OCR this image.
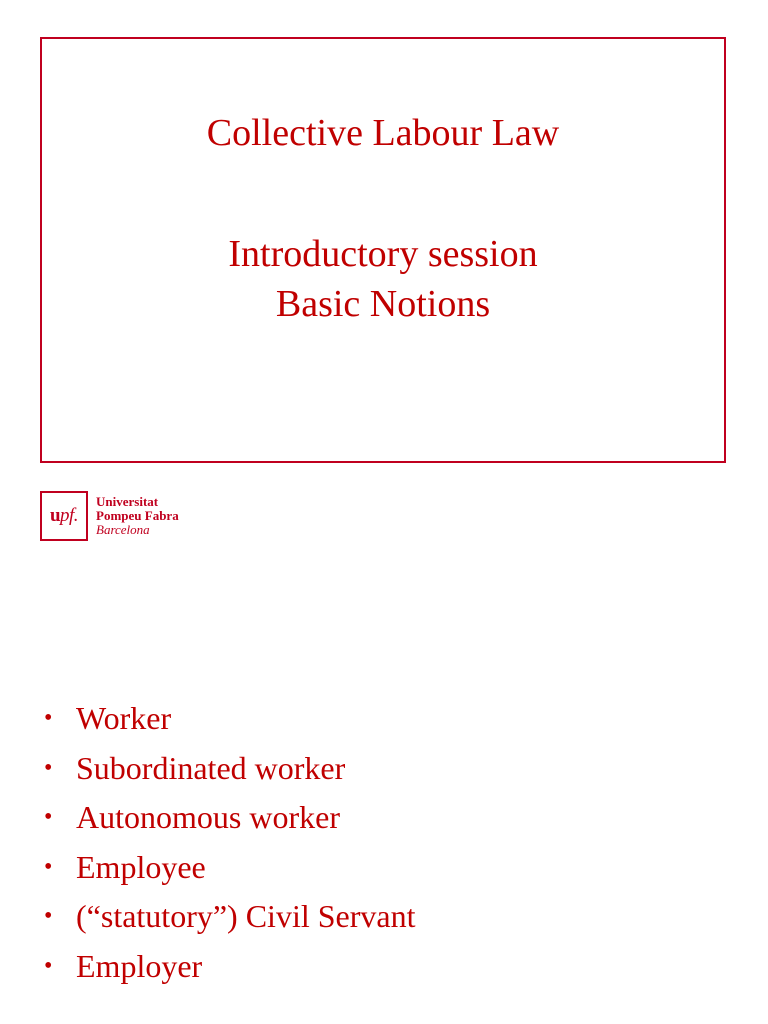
Collective Labour Law
Introductory session
Basic Notions
u pf.
Universitat
Pompeu Fabra
Barcelona
• Worker
• Subordinated worker
• Autonomous worker
• Employee
• (“statutory”) Civil Servant
• Employer
